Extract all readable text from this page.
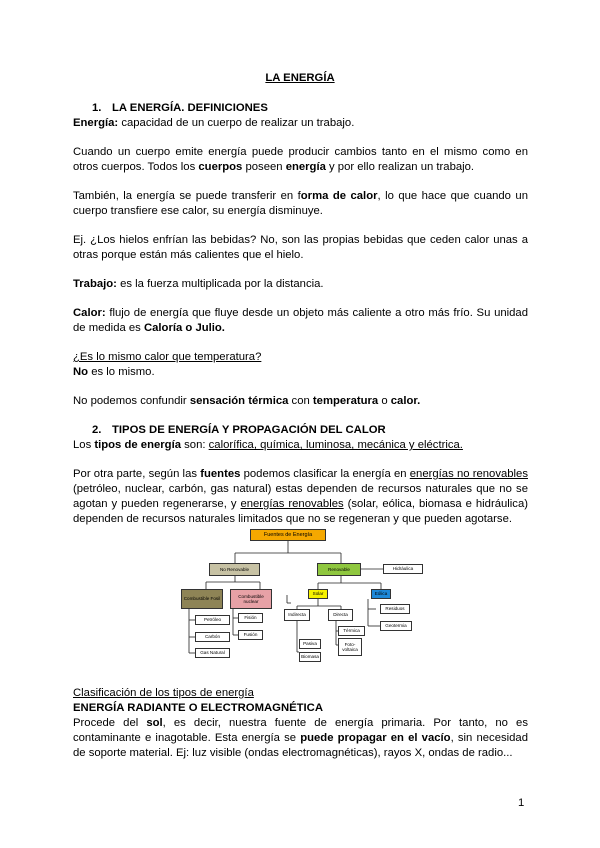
LA ENERGÍA

1. LA ENERGÍA. DEFINICIONES

Energía: capacidad de un cuerpo de realizar un trabajo.

Cuando un cuerpo emite energía puede producir cambios tanto en el mismo como en otros cuerpos. Todos los cuerpos poseen energía y por ello realizan un trabajo.

También, la energía se puede transferir en forma de calor, lo que hace que cuando un cuerpo transfiere ese calor, su energía disminuye.

Ej. ¿Los hielos enfrían las bebidas? No, son las propias bebidas que ceden calor unas a otras porque están más calientes que el hielo.

Trabajo: es la fuerza multiplicada por la distancia.

Calor: flujo de energía que fluye desde un objeto más caliente a otro más frío. Su unidad de medida es Caloría o Julio.

¿Es lo mismo calor que temperatura?

No es lo mismo.

No podemos confundir sensación térmica con temperatura o calor.

2. TIPOS DE ENERGÍA Y PROPAGACIÓN DEL CALOR

Los tipos de energía son: calorífica, química, luminosa, mecánica y eléctrica.

Por otra parte, según las fuentes podemos clasificar la energía en energías no renovables (petróleo, nuclear, carbón, gas natural) estas dependen de recursos naturales que no se agotan y pueden regenerarse, y energías renovables (solar, eólica, biomasa e hidráulica) dependen de recursos naturales limitados que no se regeneran y que pueden agotarse.

Fuentes de Energía
No Renovable	Renovable	Hidráulica
Combustible Fosil
Combustible nuclear
Petróleo
Carbón
Gas Natural
Fisión
Fusión
Solar	Eólica
Indirecta	Directa
Térmica
Foto-voltaica
Pasiva
Biomasa
Residuos
Geotermia

Clasificación de los tipos de energía

ENERGÍA RADIANTE O ELECTROMAGNÉTICA

Procede del sol, es decir, nuestra fuente de energía primaria. Por tanto, no es contaminante e inagotable. Esta energía se puede propagar en el vacío, sin necesidad de soporte material. Ej: luz visible (ondas electromagnéticas), rayos X, ondas de radio...

1
